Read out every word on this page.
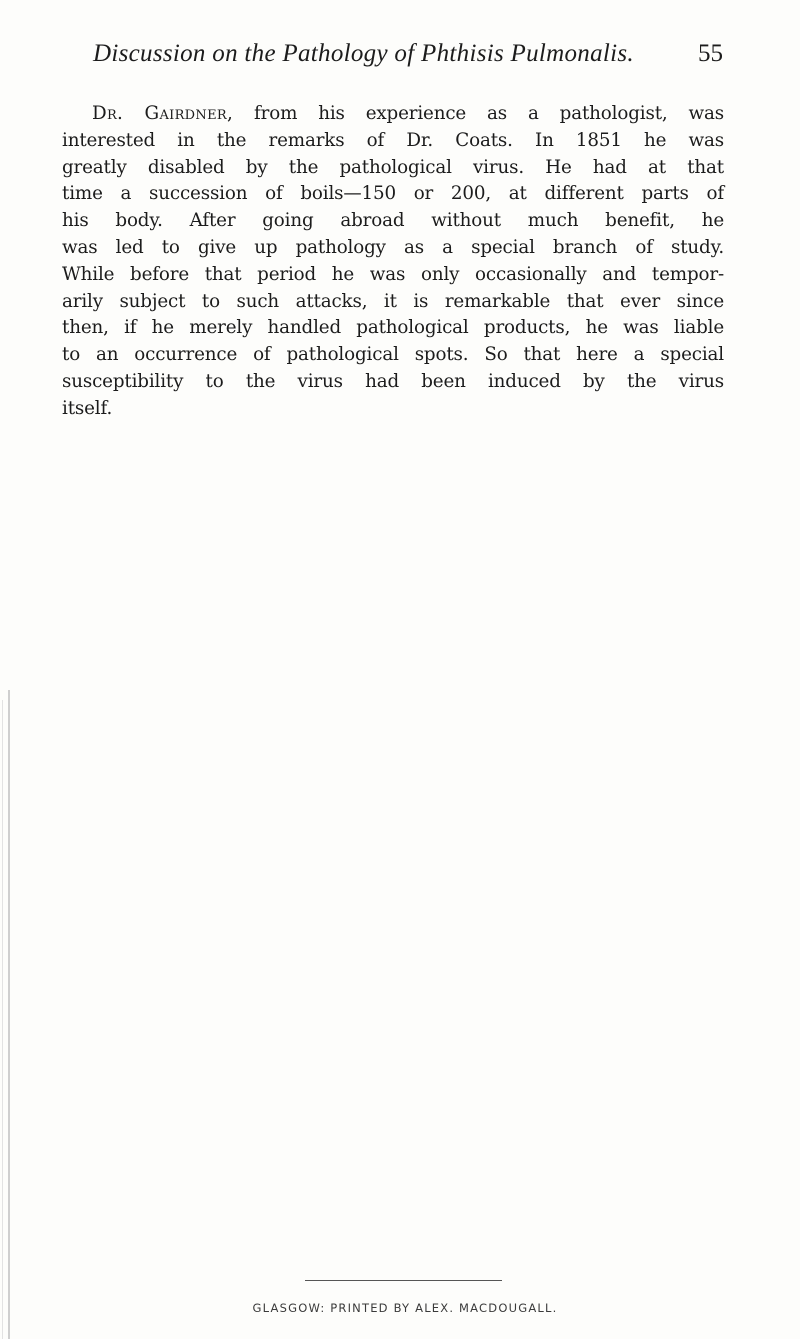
Discussion on the Pathology of Phthisis Pulmonalis.	55
Dr. Gairdner, from his experience as a pathologist, was
interested in the remarks of Dr. Coats. In 1851 he was
greatly disabled by the pathological virus. He had at that
time a succession of boils—150 or 200, at different parts of
his body. After going abroad without much benefit, he
was led to give up pathology as a special branch of study.
While before that period he was only occasionally and tempor-
arily subject to such attacks, it is remarkable that ever since
then, if he merely handled pathological products, he was liable
to an occurrence of pathological spots. So that here a special
susceptibility to the virus had been induced by the virus
itself.
GLASGOW: PRINTED BY ALEX. MACDOUGALL.
